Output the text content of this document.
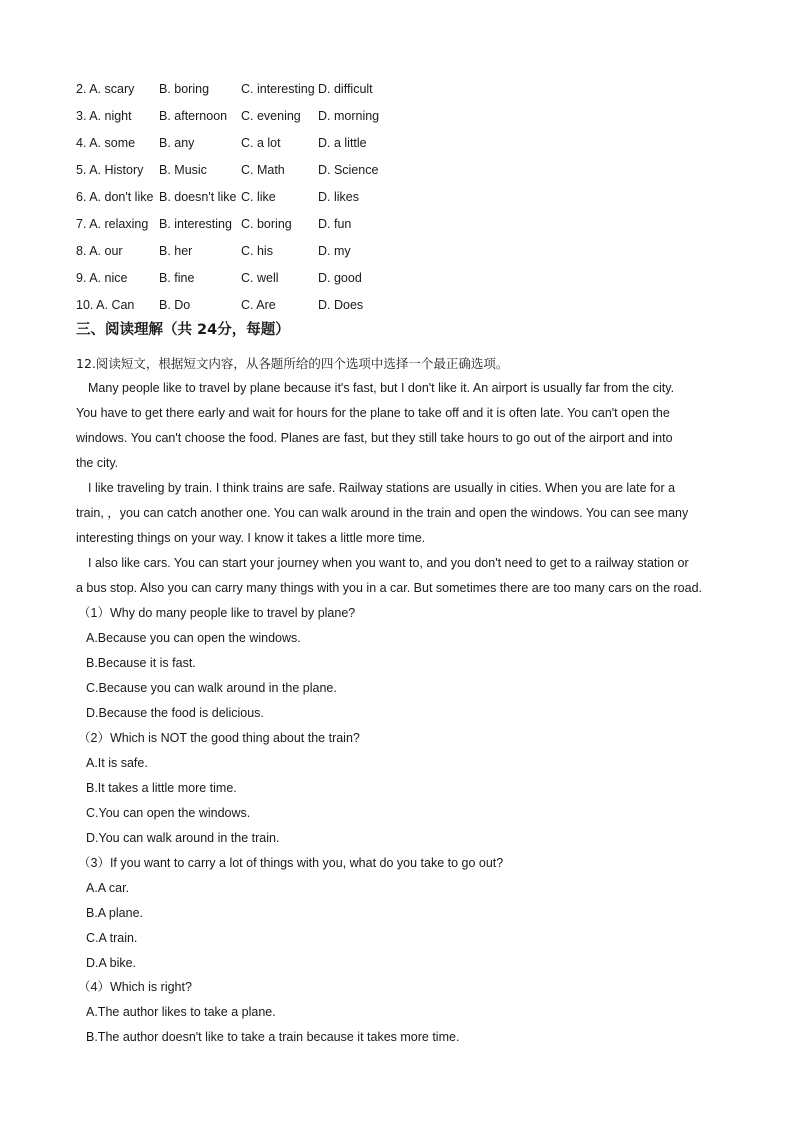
2. A. scary B. boring	C. interesting D. difficult
3. A. night B. afternoon C. evening D. morning
4. A. some B. any	C. a lot	D. a little
5. A. History B. Music	C. Math	D. Science
6. A. don't like B. doesn't like C. like	D. likes
7. A. relaxing B. interesting C. boring D. fun
8. A. our	B. her	C. his	D. my
9. A. nice	B. fine	C. well	D. good
10. A. Can B. Do	C. Are	D. Does
三、阅读理解（共 24分，每题）
12.阅读短文，根据短文内容，从各题所给的四个选项中选择一个最正确选项。
Many people like to travel by plane because it's fast, but I don't like it. An airport is usually far from the city.
You have to get there early and wait for hours for the plane to take off and it is often late. You can't open the
windows. You can't choose the food. Planes are fast, but they still take hours to go out of the airport and into
the city.
I like traveling by train. I think trains are safe. Railway stations are usually in cities. When you are late for a
train, ，you can catch another one. You can walk around in the train and open the windows. You can see many
interesting things on your way. I know it takes a little more time.
I also like cars. You can start your journey when you want to, and you don't need to get to a railway station or
a bus stop. Also you can carry many things with you in a car. But sometimes there are too many cars on the road.
（1）Why do many people like to travel by plane?
A.Because you can open the windows.
B.Because it is fast.
C.Because you can walk around in the plane.
D.Because the food is delicious.
（2）Which is NOT the good thing about the train?
A.It is safe.
B.It takes a little more time.
C.You can open the windows.
D.You can walk around in the train.
（3）If you want to carry a lot of things with you, what do you take to go out?
A.A car.
B.A plane.
C.A train.
D.A bike.
（4）Which is right?
A.The author likes to take a plane.
B.The author doesn't like to take a train because it takes more time.
